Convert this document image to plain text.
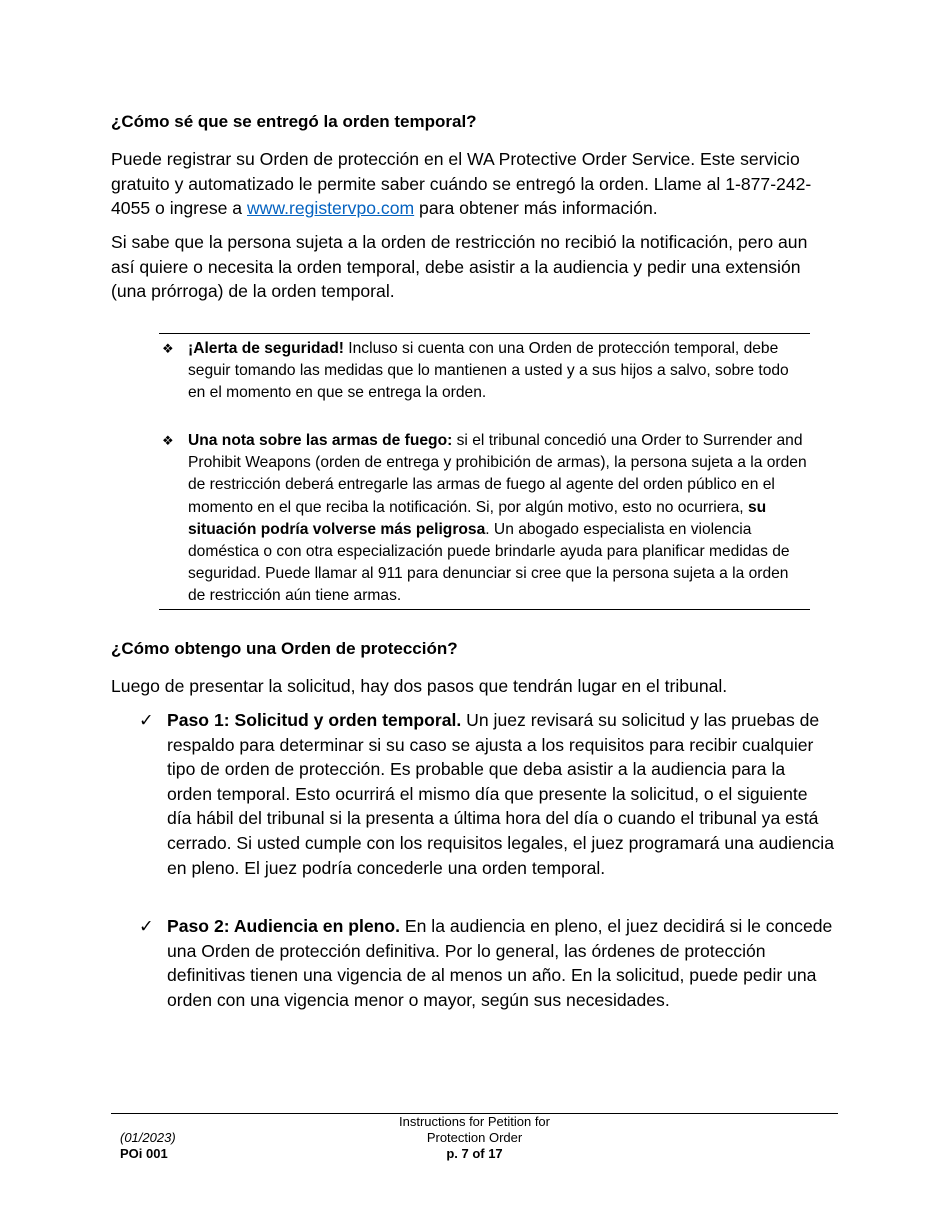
¿Cómo sé que se entregó la orden temporal?

Puede registrar su Orden de protección en el WA Protective Order Service. Este servicio gratuito y automatizado le permite saber cuándo se entregó la orden. Llame al 1-877-242-4055 o ingrese a www.registervpo.com para obtener más información.

Si sabe que la persona sujeta a la orden de restricción no recibió la notificación, pero aun así quiere o necesita la orden temporal, debe asistir a la audiencia y pedir una extensión (una prórroga) de la orden temporal.

❖ ¡Alerta de seguridad! Incluso si cuenta con una Orden de protección temporal, debe seguir tomando las medidas que lo mantienen a usted y a sus hijos a salvo, sobre todo en el momento en que se entrega la orden.
❖ Una nota sobre las armas de fuego: si el tribunal concedió una Order to Surrender and Prohibit Weapons (orden de entrega y prohibición de armas), la persona sujeta a la orden de restricción deberá entregarle las armas de fuego al agente del orden público en el momento en el que reciba la notificación. Si, por algún motivo, esto no ocurriera, su situación podría volverse más peligrosa. Un abogado especialista en violencia doméstica o con otra especialización puede brindarle ayuda para planificar medidas de seguridad. Puede llamar al 911 para denunciar si cree que la persona sujeta a la orden de restricción aún tiene armas.
¿Cómo obtengo una Orden de protección?

Luego de presentar la solicitud, hay dos pasos que tendrán lugar en el tribunal.

✓ Paso 1: Solicitud y orden temporal. Un juez revisará su solicitud y las pruebas de respaldo para determinar si su caso se ajusta a los requisitos para recibir cualquier tipo de orden de protección. Es probable que deba asistir a la audiencia para la orden temporal. Esto ocurrirá el mismo día que presente la solicitud, o el siguiente día hábil del tribunal si la presenta a última hora del día o cuando el tribunal ya está cerrado. Si usted cumple con los requisitos legales, el juez programará una audiencia en pleno. El juez podría concederle una orden temporal.
✓ Paso 2: Audiencia en pleno. En la audiencia en pleno, el juez decidirá si le concede una Orden de protección definitiva. Por lo general, las órdenes de protección definitivas tienen una vigencia de al menos un año. En la solicitud, puede pedir una orden con una vigencia menor o mayor, según sus necesidades.
(01/2023)
POi 001
Instructions for Petition for
Protection Order
p. 7 of 17
